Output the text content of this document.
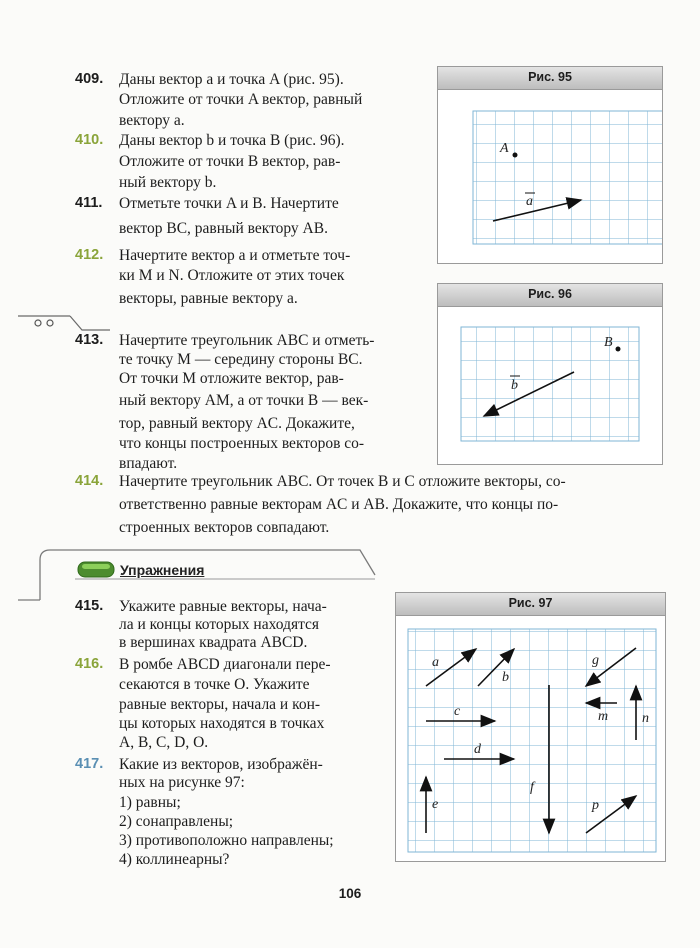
409. Даны вектор a и точка A (рис. 95).
Отложите от точки A вектор, равный
вектору a.
410. Даны вектор b и точка B (рис. 96).
Отложите от точки B вектор, рав-
ный вектору b.
411. Отметьте точки A и B. Начертите
вектор BC, равный вектору AB.
412. Начертите вектор a и отметьте точ-
ки M и N. Отложите от этих точек
векторы, равные вектору a.
413. Начертите треугольник ABC и отметь-
те точку M — середину стороны BC.
От точки M отложите вектор, рав-
ный вектору AM, а от точки B — век-
тор, равный вектору AC. Докажите,
что концы построенных векторов со-
впадают.
414. Начертите треугольник ABC. От точек B и C отложите векторы, со-
ответственно равные векторам AC и AB. Докажите, что концы по-
строенных векторов совпадают.
Упражнения
415. Укажите равные векторы, нача-
ла и концы которых находятся
в вершинах квадрата ABCD.
416. В ромбе ABCD диагонали пере-
секаются в точке O. Укажите
равные векторы, начала и кон-
цы которых находятся в точках
A, B, C, D, O.
417. Какие из векторов, изображён-
ных на рисунке 97:
1) равны;
2) сонаправлены;
3) противоположно направлены;
4) коллинеарны?
Рис. 95
A
a
Рис. 96
B
b
Рис. 97
a
b
c
d
e
f
g
m n
p
106
